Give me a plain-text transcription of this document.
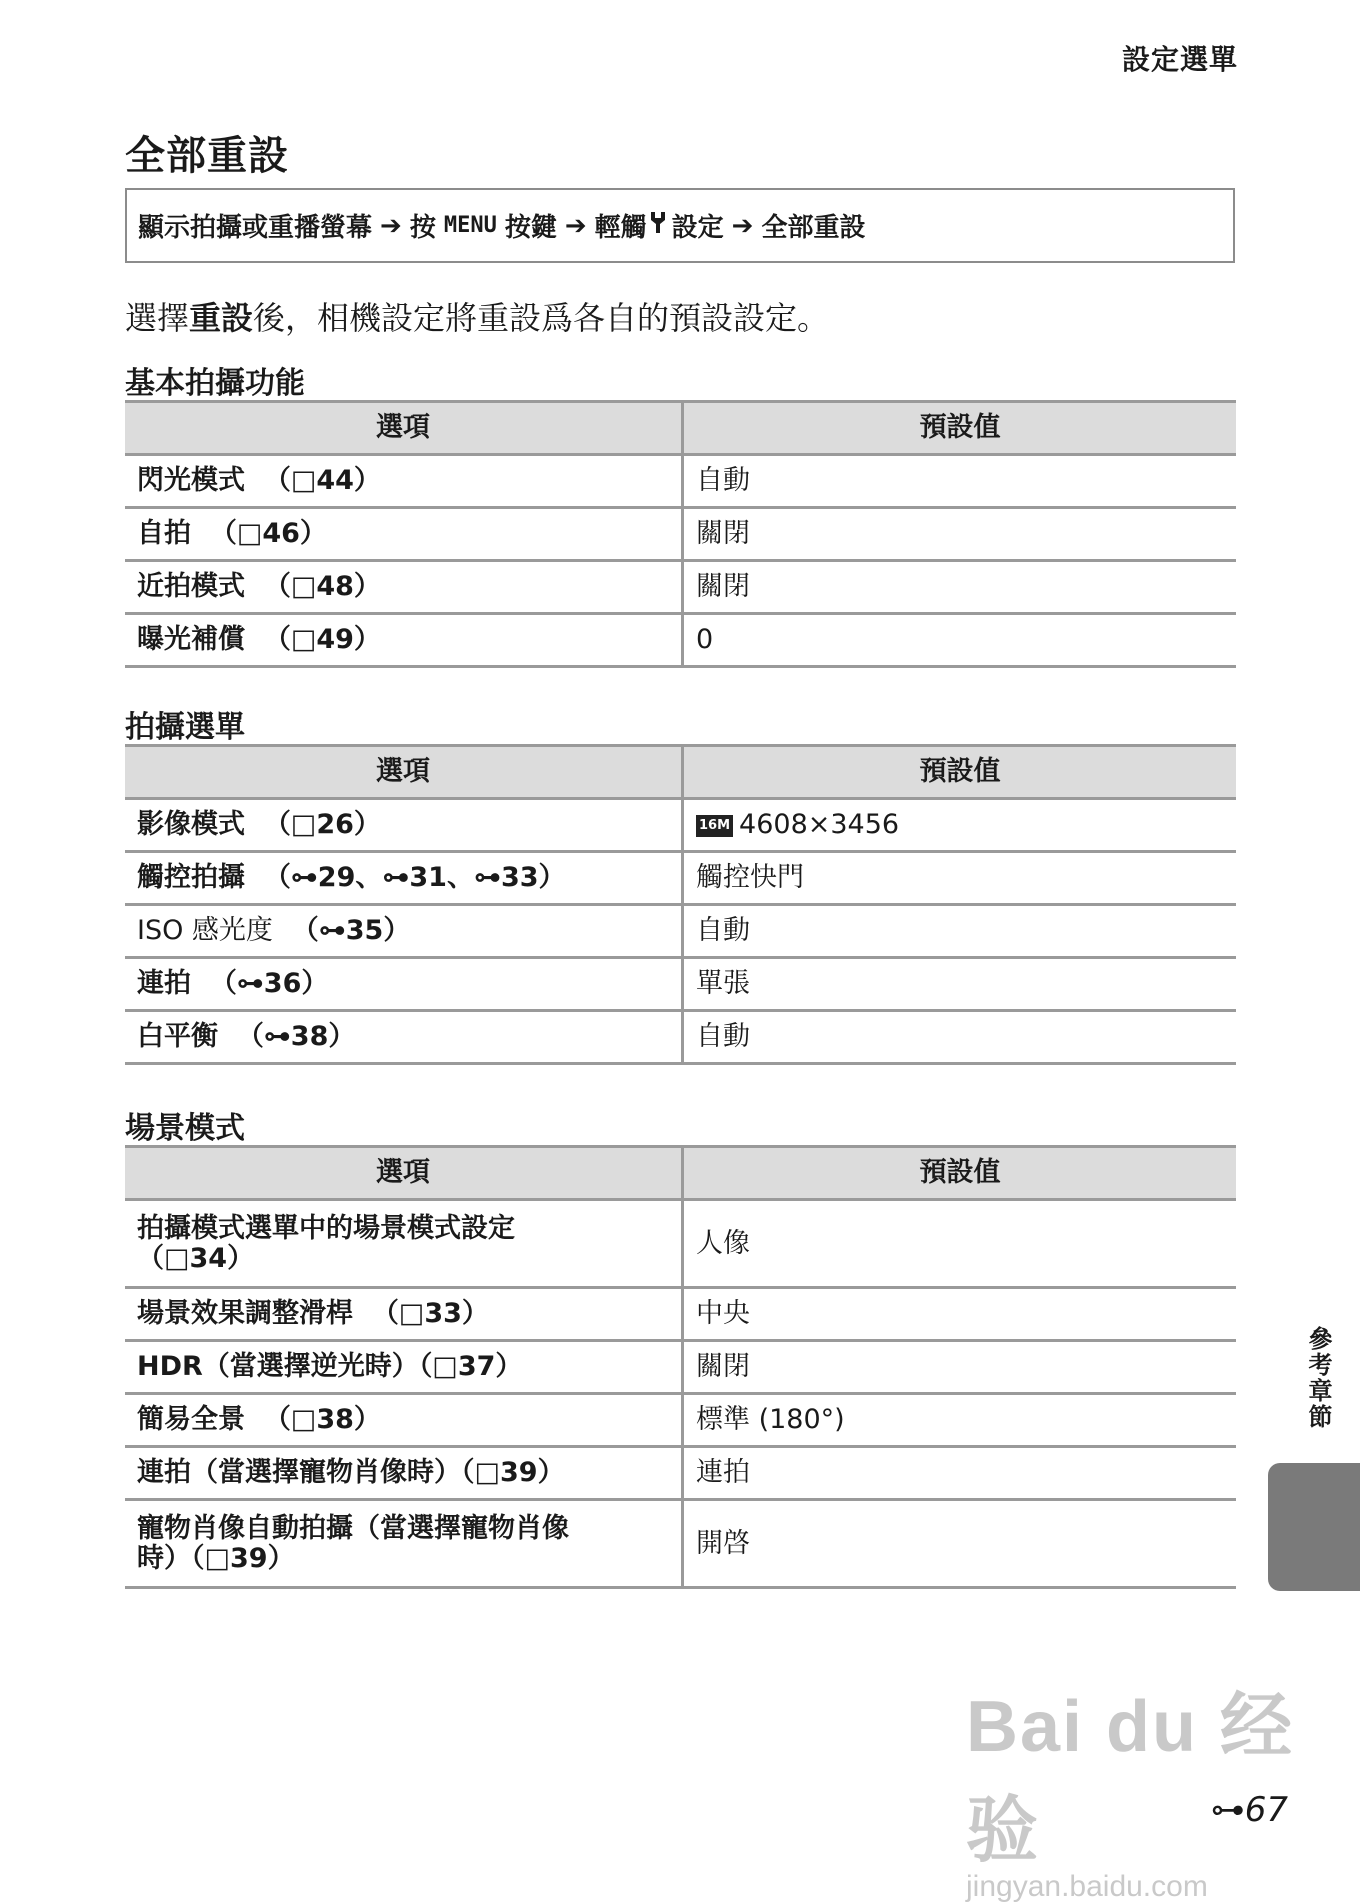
設定選單
全部重設
顯示拍攝或重播螢幕 ➔ 按 MENU 按鍵 ➔ 輕觸 設定 ➔ 全部重設
選擇重設後，相機設定將重設爲各自的預設設定。
基本拍攝功能
選項	預設值
閃光模式 （□44）	自動
自拍 （□46）	關閉
近拍模式 （□48）	關閉
曝光補償 （□49）	0
拍攝選單
選項	預設值
影像模式 （□26）	16M 4608×3456
觸控拍攝 （⊶29、⊶31、⊶33）	觸控快門
ISO 感光度 （⊶35）	自動
連拍 （⊶36）	單張
白平衡 （⊶38）	自動
場景模式
選項	預設值
拍攝模式選單中的場景模式設定
（□34）	人像
場景效果調整滑桿 （□33）	中央
HDR（當選擇逆光時）（□37）	關閉
簡易全景 （□38）	標準 (180°)
連拍（當選擇寵物肖像時）（□39）	連拍
寵物肖像自動拍攝（當選擇寵物肖像
時）（□39）	開啓
參考章節
Bai du 经验
jingyan.baidu.com
⊶67
